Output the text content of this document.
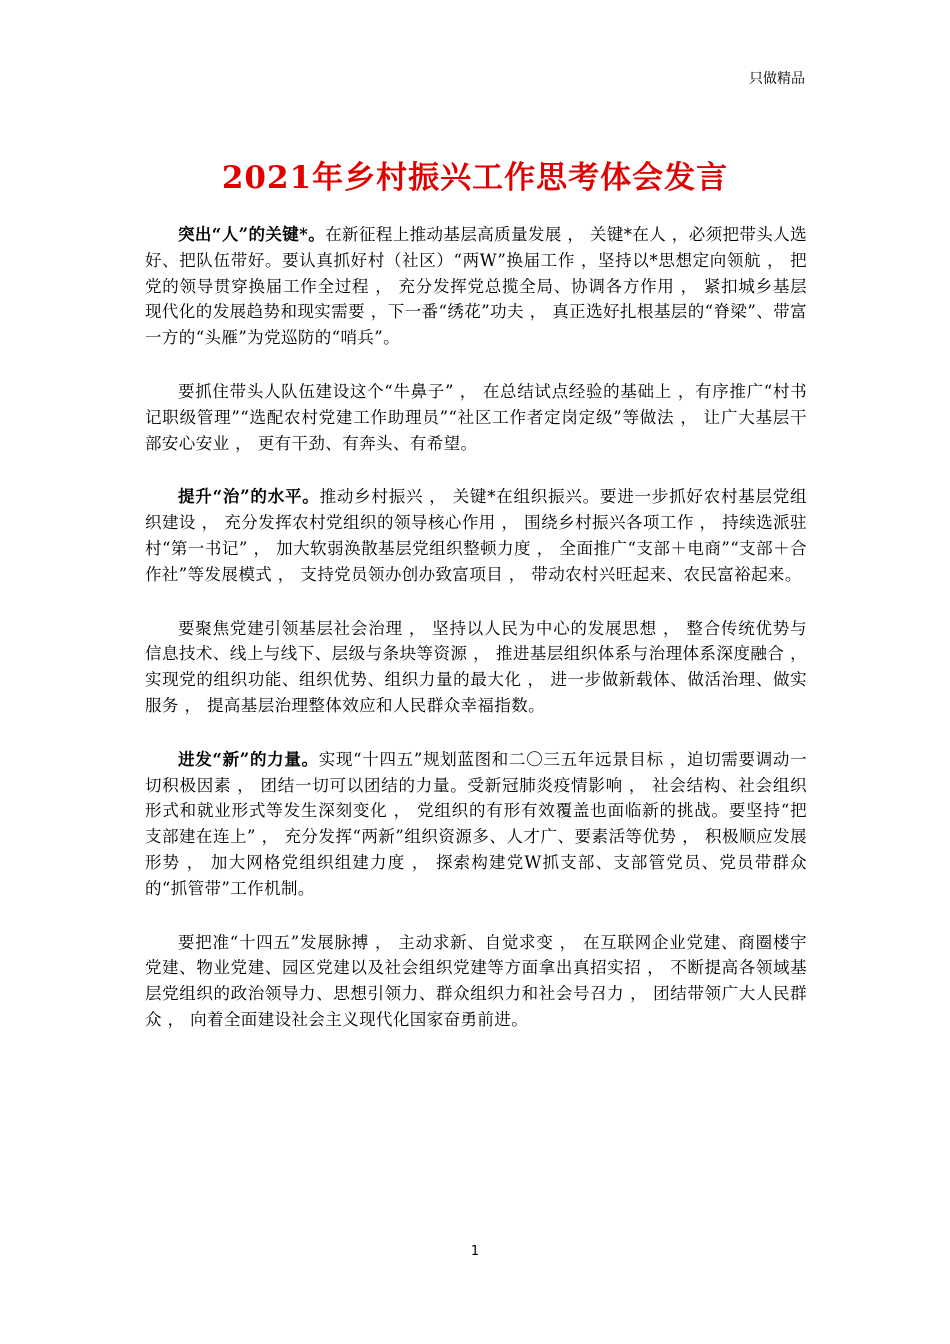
只做精品
2021年乡村振兴工作思考体会发言

突出“人”的关键*。在新征程上推动基层高质量发展 ， 关键*在人 ，必须把带头人选好、把队伍带好。要认真抓好村（社区）“两W”换届工作 ，坚持以*思想定向领航 ， 把党的领导贯穿换届工作全过程 ， 充分发挥党总揽全局、协调各方作用 ， 紧扣城乡基层现代化的发展趋势和现实需要 ，下一番“绣花”功夫 ， 真正选好扎根基层的“脊梁”、带富一方的“头雁”为党巡防的“哨兵”。

要抓住带头人队伍建设这个“牛鼻子” ， 在总结试点经验的基础上 ，有序推广“村书记职级管理”“选配农村党建工作助理员”“社区工作者定岗定级”等做法 ， 让广大基层干部安心安业 ， 更有干劲、有奔头、有希望。

提升“治”的水平。推动乡村振兴 ， 关键*在组织振兴。要进一步抓好农村基层党组织建设 ， 充分发挥农村党组织的领导核心作用 ， 围绕乡村振兴各项工作 ， 持续选派驻村“第一书记” ， 加大软弱涣散基层党组织整顿力度 ， 全面推广“支部＋电商”“支部＋合作社”等发展模式 ， 支持党员领办创办致富项目 ， 带动农村兴旺起来、农民富裕起来。

要聚焦党建引领基层社会治理 ， 坚持以人民为中心的发展思想 ， 整合传统优势与信息技术、线上与线下、层级与条块等资源 ， 推进基层组织体系与治理体系深度融合 ， 实现党的组织功能、组织优势、组织力量的最大化 ， 进一步做新载体、做活治理、做实服务 ， 提高基层治理整体效应和人民群众幸福指数。

进发“新”的力量。实现“十四五”规划蓝图和二〇三五年远景目标 ，迫切需要调动一切积极因素 ， 团结一切可以团结的力量。受新冠肺炎疫情影响 ， 社会结构、社会组织形式和就业形式等发生深刻变化 ， 党组织的有形有效覆盖也面临新的挑战。要坚持“把支部建在连上” ， 充分发挥“两新”组织资源多、人才广、要素活等优势 ， 积极顺应发展形势 ， 加大网格党组织组建力度 ， 探索构建党W抓支部、支部管党员、党员带群众的“抓管带”工作机制。

要把准“十四五”发展脉搏 ， 主动求新、自觉求变 ， 在互联网企业党建、商圈楼宇党建、物业党建、园区党建以及社会组织党建等方面拿出真招实招 ， 不断提高各领域基层党组织的政治领导力、思想引领力、群众组织力和社会号召力 ， 团结带领广大人民群众 ， 向着全面建设社会主义现代化国家奋勇前进。

1
